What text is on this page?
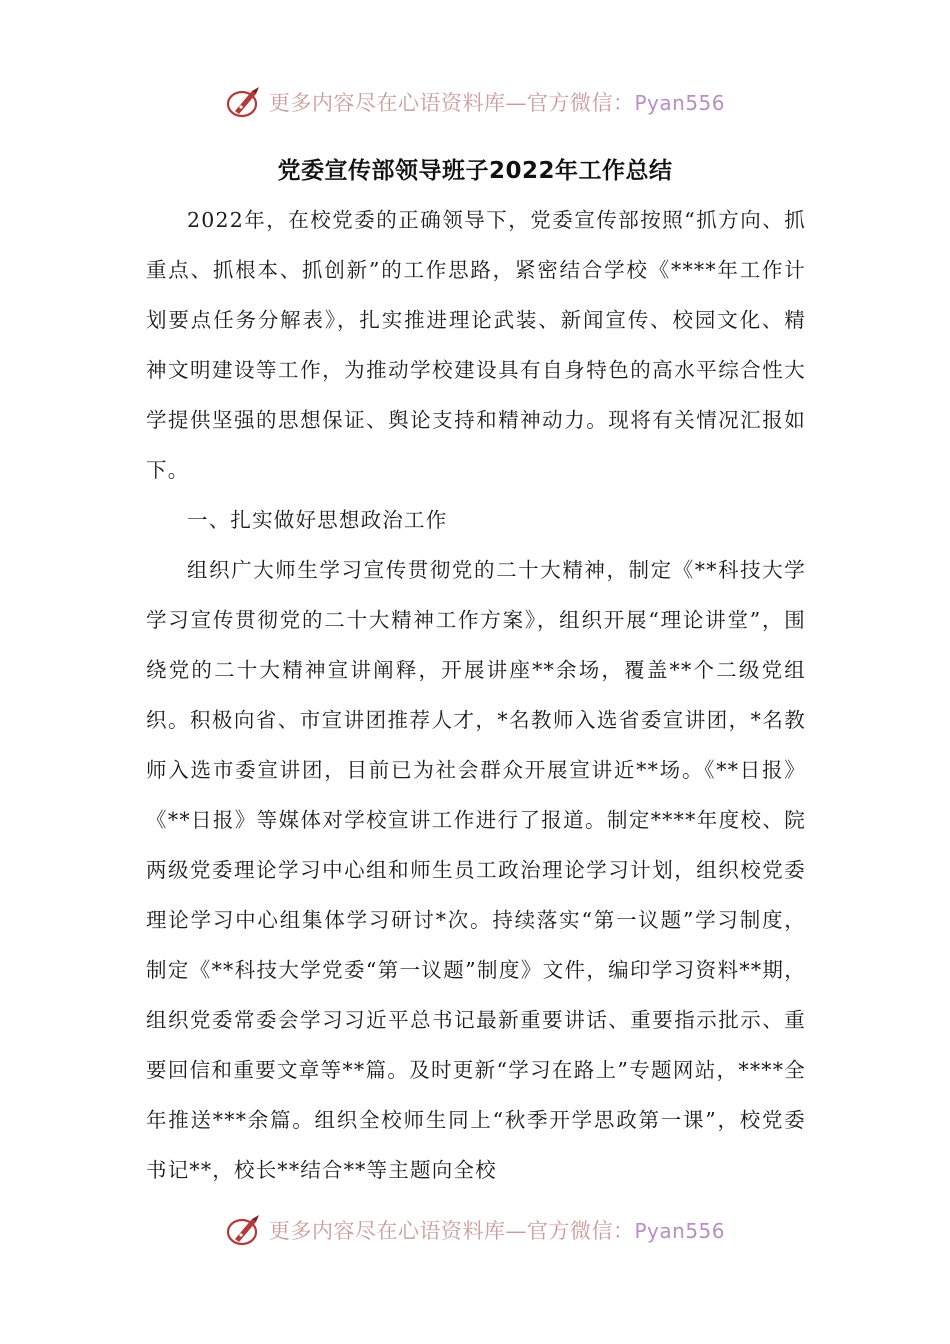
更多内容尽在心语资料库—官方微信：Pyan556
党委宣传部领导班子2022年工作总结

2022年，在校党委的正确领导下，党委宣传部按照“抓方向、抓重点、抓根本、抓创新”的工作思路，紧密结合学校《****年工作计划要点任务分解表》，扎实推进理论武装、新闻宣传、校园文化、精神文明建设等工作，为推动学校建设具有自身特色的高水平综合性大学提供坚强的思想保证、舆论支持和精神动力。现将有关情况汇报如下。

一、扎实做好思想政治工作

组织广大师生学习宣传贯彻党的二十大精神，制定《**科技大学学习宣传贯彻党的二十大精神工作方案》，组织开展“理论讲堂”，围绕党的二十大精神宣讲阐释，开展讲座**余场，覆盖**个二级党组织。积极向省、市宣讲团推荐人才，*名教师入选省委宣讲团，*名教师入选市委宣讲团，目前已为社会群众开展宣讲近**场。《**日报》《**日报》等媒体对学校宣讲工作进行了报道。制定****年度校、院两级党委理论学习中心组和师生员工政治理论学习计划，组织校党委理论学习中心组集体学习研讨*次。持续落实“第一议题”学习制度，制定《**科技大学党委“第一议题”制度》文件，编印学习资料**期，组织党委常委会学习习近平总书记最新重要讲话、重要指示批示、重要回信和重要文章等**篇。及时更新“学习在路上”专题网站，****全年推送***余篇。组织全校师生同上“秋季开学思政第一课”，校党委书记**，校长**结合**等主题向全校

更多内容尽在心语资料库—官方微信：Pyan556
